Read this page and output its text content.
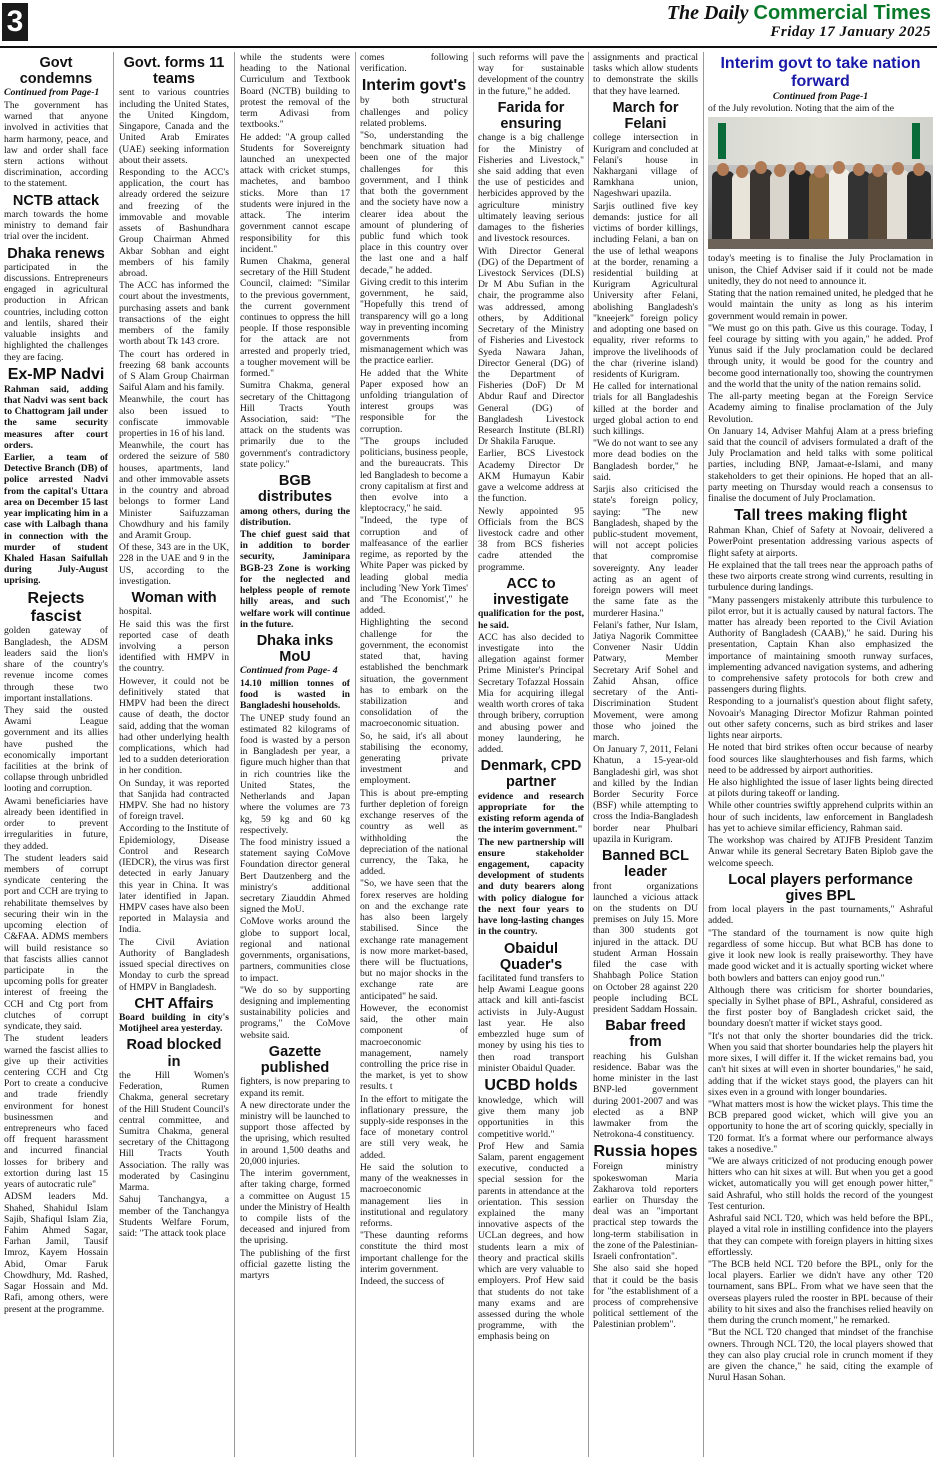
3	The Daily Commercial Times
Friday 17 January 2025
Govt condemns

Continued from Page-1

The government has warned that anyone involved in activities that harm harmony, peace, and law and order shall face stern actions without discrimination, according to the statement.

NCTB attack

march towards the home ministry to demand fair trial over the incident.

Dhaka renews

participated in the discussions. Entrepreneurs engaged in agricultural production in African countries, including cotton and lentils, shared their valuable insights and highlighted the challenges they are facing.

Ex-MP Nadvi

Rahman said, adding that Nadvi was sent back to Chattogram jail under the same security measures after court orders.

Earlier, a team of Detective Branch (DB) of police arrested Nadvi from the capital's Uttara area on December 15 last year implicating him in a case with Lalbagh thana in connection with the murder of student Khaled Hasan Saifullah during July-August uprising.

Rejects fascist

golden gateway of Bangladesh, the ADSM leaders said the lion's share of the country's revenue income comes through these two important installations.

They said the ousted Awami League government and its allies have pushed the economically important facilities at the brink of collapse through unbridled looting and corruption.

Awami beneficiaries have already been identified in order to prevent irregularities in future, they added.

The student leaders said members of corrupt syndicate centering the port and CCH are trying to rehabilitate themselves by securing their win in the upcoming election of C&FAA. ADMS members will build resistance so that fascists allies cannot participate in the upcoming polls for greater interest of freeing the CCH and Ctg port from clutches of corrupt syndicate, they said.

The student leaders warned the fascist allies to give up their activities centering CCH and Ctg Port to create a conducive and trade friendly environment for honest businessmen and entrepreneurs who faced off frequent harassment and incurred financial losses for bribery and extortion during last 15 years of autocratic rule"

ADSM leaders Md. Shahed, Shahidul Islam Sajib, Shafiqul Islam Zia, Fahim Ahmed Sagar, Farhan Jamil, Tausif Imroz, Kayem Hossain Abid, Omar Faruk Chowdhury, Md. Rashed, Sagar Hossain and Md. Rafi, among others, were present at the programme.

Govt. forms 11 teams

sent to various countries including the United States, the United Kingdom, Singapore, Canada and the United Arab Emirates (UAE) seeking information about their assets.

Responding to the ACC's application, the court has already ordered the seizure and freezing of the immovable and movable assets of Bashundhara Group Chairman Ahmed Akbar Sobhan and eight members of his family abroad.

The ACC has informed the court about the investments, purchasing assets and bank transactions of the eight members of the family worth about Tk 143 crore.

The court has ordered in freezing 68 bank accounts of S Alam Group Chairman Saiful Alam and his family.

Meanwhile, the court has also been issued to confiscate immovable properties in 16 of his land.

Meanwhile, the court has ordered the seizure of 580 houses, apartments, land and other immovable assets in the country and abroad belongs to former Land Minister Saifuzzaman Chowdhury and his family and Aramit Group.

Of these, 343 are in the UK, 228 in the UAE and 9 in the US, according to the investigation.

Woman with

hospital.

He said this was the first reported case of death involving a person identified with HMPV in the country.

However, it could not be definitively stated that HMPV had been the direct cause of death, the doctor said, adding that the woman had other underlying health complications, which had led to a sudden deterioration in her condition.

On Sunday, it was reported that Sanjida had contracted HMPV. She had no history of foreign travel.

According to the Institute of Epidemiology, Disease Control and Research (IEDCR), the virus was first detected in early January this year in China. It was later identified in Japan. HMPV cases have also been reported in Malaysia and India.

The Civil Aviation Authority of Bangladesh issued special directives on Monday to curb the spread of HMPV in Bangladesh.

CHT Affairs

Board building in city's Motijheel area yesterday.

Road blocked in

the Hill Women's Federation, Rumen Chakma, general secretary of the Hill Student Council's central committee, and Sumitra Chakma, general secretary of the Chittagong Hill Tracts Youth Association. The rally was moderated by Casinginu Marma.

Sahuj Tanchangya, a member of the Tanchangya Students Welfare Forum, said: "The attack took place

while the students were heading to the National Curriculum and Textbook Board (NCTB) building to protest the removal of the term Adivasi from textbooks."

He added: "A group called Students for Sovereignty launched an unexpected attack with cricket stumps, machetes, and bamboo sticks. More than 17 students were injured in the attack. The interim government cannot escape responsibility for this incident."

Rumen Chakma, general secretary of the Hill Student Council, claimed: "Similar to the previous government, the current government continues to oppress the hill people. If those responsible for the attack are not arrested and properly tried, a tougher movement will be formed."

Sumitra Chakma, general secretary of the Chittagong Hill Tracts Youth Association, said: "The attack on the students was primarily due to the government's contradictory state policy."

BGB distributes

among others, during the distribution.

The chief guest said that in addition to border security, Jaminipara BGB-23 Zone is working for the neglected and helpless people of remote hilly areas, and such welfare work will continue in the future.

Dhaka inks MoU

Continued from Page- 4

14.10 million tonnes of food is wasted in Bangladeshi households.

The UNEP study found an estimated 82 kilograms of food is wasted by a person in Bangladesh per year, a figure much higher than that in rich countries like the United States, the Netherlands and Japan where the volumes are 73 kg, 59 kg and 60 kg respectively.

The food ministry issued a statement saying CoMove Foundation director general Bert Dautzenberg and the ministry's additional secretary Ziauddin Ahmed signed the MoU.

CoMove works around the globe to support local, regional and national governments, organisations, partners, communities close to impact.

"We do so by supporting designing and implementing sustainability policies and programs," the CoMove website said.

Gazette published

fighters, is now preparing to expand its remit.

A new directorate under the ministry will be launched to support those affected by the uprising, which resulted in around 1,500 deaths and 20,000 injuries.

The interim government, after taking charge, formed a committee on August 15 under the Ministry of Health to compile lists of the deceased and injured from the uprising.

The publishing of the first official gazette listing the martyrs

comes following verification.

Interim govt's

by both structural challenges and policy related problems.

"So, understanding the benchmark situation had been one of the major challenges for this government, and I think that both the government and the society have now a clearer idea about the amount of plundering of public fund which took place in this country over the last one and a half decade," he added.

Giving credit to this interim government, he said, "Hopefully this trend of transparency will go a long way in preventing incoming governments from mismanagement which was the practice earlier.

He added that the White Paper exposed how an unfolding triangulation of interest groups was responsible for the corruption.

"The groups included politicians, business people, and the bureaucrats. This led Bangladesh to become a crony capitalism at first and then evolve into a kleptocracy," he said.

"Indeed, the type of corruption and of malfeasance of the earlier regime, as reported by the White Paper was picked by leading global media including 'New York Times' and 'The Economist'," he added.

Highlighting the second challenge for the government, the economist stated that, having established the benchmark situation, the government has to embark on the stabilization and consolidation of the macroeconomic situation.

So, he said, it's all about stabilising the economy, generating private investment and employment.

This is about pre-empting further depletion of foreign exchange reserves of the country as well as withholding the depreciation of the national currency, the Taka, he added.

"So, we have seen that the forex reserves are holding on and the exchange rate has also been largely stabilised. Since the exchange rate management is now more market-based, there will be fluctuations, but no major shocks in the exchange rate are anticipated" he said.

However, the economist said, the other main component of macroeconomic management, namely controlling the price rise in the market, is yet to show results. t

In the effort to mitigate the inflationary pressure, the supply-side responses in the face of monetary control are still very weak, he added.

He said the solution to many of the weaknesses in macroeconomic management lies in institutional and regulatory reforms.

"These daunting reforms constitute the third most important challenge for the interim government.

Indeed, the success of

such reforms will pave the way for sustainable development of the country in the future," he added.

Farida for ensuring

change is a big challenge for the Ministry of Fisheries and Livestock," she said adding that even the use of pesticides and herbicides approved by the agriculture ministry ultimately leaving serious damages to the fisheries and livestock resources.

With Director General (DG) of the Department of Livestock Services (DLS) Dr M Abu Sufian in the chair, the programme also was addressed, among others, by Additional Secretary of the Ministry of Fisheries and Livestock Syeda Nawara Jahan, Director General (DG) of the Department of Fisheries (DoF) Dr M Abdur Rauf and Director General (DG) of Bangladesh Livestock Research Institute (BLRI) Dr Shakila Faruque.

Earlier, BCS Livestock Academy Director Dr AKM Humayun Kabir gave a welcome address at the function.

Newly appointed 95 Officials from the BCS livestock cadre and other 38 from BCS fisheries cadre attended the programme.

ACC to investigate

qualification for the post, he said.

ACC has also decided to investigate into the allegation against former Prime Minister's Principal Secretary Tofazzal Hossain Mia for acquiring illegal wealth worth crores of taka through bribery, corruption and abusing power and money laundering, he added.

Denmark, CPD partner

evidence and research appropriate for the existing reform agenda of the interim government."

The new partnership will ensure stakeholder engagement, capacity development of students and duty bearers along with policy dialogue for the next four years to have long-lasting changes in the country.

Obaidul Quader's

facilitated fund transfers to help Awami League goons attack and kill anti-fascist activists in July-August last year. He also embezzled huge sum of money by using his ties to then road transport minister Obaidul Quader.

UCBD holds

knowledge, which will give them many job opportunities in this competitive world."

Prof Hew and Samia Salam, parent engagement executive, conducted a special session for the parents in attendance at the orientation. This session explained the many innovative aspects of the UCLan degrees, and how students learn a mix of theory and practical skills which are very valuable to employers. Prof Hew said that students do not take many exams and are assessed during the whole programme, with the emphasis being on

assignments and practical tasks which allow students to demonstrate the skills that they have learned.

March for Felani

college intersection in Kurigram and concluded at Felani's house in Nakhargani village of Ramkhana union, Nageshwari upazila.

Sarjis outlined five key demands: justice for all victims of border killings, including Felani, a ban on the use of lethal weapons at the border, renaming a residential building at Kurigram Agricultural University after Felani, abolishing Bangladesh's "kneejerk" foreign policy and adopting one based on equality, river reforms to improve the livelihoods of the char (riverine island) residents of Kurigram.

He called for international trials for all Bangladeshis killed at the border and urged global action to end such killings.

"We do not want to see any more dead bodies on the Bangladesh border," he said.

Sarjis also criticised the state's foreign policy, saying: "The new Bangladesh, shaped by the public-student movement, will not accept policies that compromise sovereignty. Any leader acting as an agent of foreign powers will meet the same fate as the murderer Hasina."

Felani's father, Nur Islam, Jatiya Nagorik Committee Convener Nasir Uddin Patwary, Member Secretary Arif Sohel and Zahid Ahsan, office secretary of the Anti-Discrimination Student Movement, were among those who joined the march.

On January 7, 2011, Felani Khatun, a 15-year-old Bangladeshi girl, was shot and killed by the Indian Border Security Force (BSF) while attempting to cross the India-Bangladesh border near Phulbari upazila in Kurigram.

Banned BCL leader

front organizations launched a vicious attack on the students on DU premises on July 15. More than 300 students got injured in the attack. DU student Arman Hossain filed the case with Shahbagh Police Station on October 28 against 220 people including BCL president Saddam Hossain.

Babar freed from

reaching his Gulshan residence. Babar was the home minister in the last BNP-led government during 2001-2007 and was elected as a BNP lawmaker from the Netrokona-4 constituency.

Russia hopes

Foreign ministry spokeswoman Maria Zakharova told reporters earlier on Thursday the deal was an "important practical step towards the long-term stabilisation in the zone of the Palestinian-Israeli confrontation".

She also said she hoped that it could be the basis for "the establishment of a process of comprehensive political settlement of the Palestinian problem".

Interim govt to take nation forward

Continued from Page-1

of the July revolution. Noting that the aim of the

today's meeting is to finalise the July Proclamation in unison, the Chief Adviser said if it could not be made unitedly, they do not need to announce it.

Stating that the nation remained united, he pledged that he would maintain the unity as long as his interim government would remain in power.

"We must go on this path. Give us this courage. Today, I feel courage by sitting with you again," he added. Prof Yunus said if the July proclamation could be declared through unity, it would be good for the country and become good internationally too, showing the countrymen and the world that the unity of the nation remains solid.

The all-party meeting began at the Foreign Service Academy aiming to finalise proclamation of the July Revolution.

On January 14, Adviser Mahfuj Alam at a press briefing said that the council of advisers formulated a draft of the July Proclamation and held talks with some political parties, including BNP, Jamaat-e-Islami, and many stakeholders to get their opinions. He hoped that an all-party meeting on Thursday would reach a consensus to finalise the document of July Proclamation.

Tall trees making flight

Rahman Khan, Chief of Safety at Novoair, delivered a PowerPoint presentation addressing various aspects of flight safety at airports.

He explained that the tall trees near the approach paths of these two airports create strong wind currents, resulting in turbulence during landings.

"Many passengers mistakenly attribute this turbulence to pilot error, but it is actually caused by natural factors. The matter has already been reported to the Civil Aviation Authority of Bangladesh (CAAB)," he said. During his presentation, Captain Khan also emphasized the importance of maintaining smooth runway surfaces, implementing advanced navigation systems, and adhering to comprehensive safety protocols for both crew and passengers during flights.

Responding to a journalist's question about flight safety, Novoair's Managing Director Mofizur Rahman pointed out other safety concerns, such as bird strikes and laser lights near airports.

He noted that bird strikes often occur because of nearby food sources like slaughterhouses and fish farms, which need to be addressed by airport authorities.

He also highlighted the issue of laser lights being directed at pilots during takeoff or landing.

While other countries swiftly apprehend culprits within an hour of such incidents, law enforcement in Bangladesh has yet to achieve similar efficiency, Rahman said.

The workshop was chaired by ATJFB President Tanzim Anwar while its general Secretary Baten Biplob gave the welcome speech.

Local players performance gives BPL

from local players in the past tournaments," Ashraful added.

"The standard of the tournament is now quite high regardless of some hiccup. But what BCB has done to give it look new look is really praiseworthy. They have made good wicket and it is actually sporting wicket where both bowlers and batters can enjoy good run."

Although there was criticism for shorter boundaries, specially in Sylhet phase of BPL, Ashraful, considered as the first poster boy of Bangladesh cricket said, the boundary doesn't matter if wicket stays good.

"It's not that only the shorter boundaries did the trick. When you said that shorter boundaries help the players hit more sixes, I will differ it. If the wicket remains bad, you can't hit sixes at will even in shorter boundaries," he said, adding that if the wicket stays good, the players can hit sixes even in a ground with longer boundaries.

"What matters most is how the wicket plays. This time the BCB prepared good wicket, which will give you an opportunity to hone the art of scoring quickly, specially in T20 format. It's a format where our performance always takes a nosedive."

"We are always criticized of not producing enough power hitters who can hit sixes at will. But when you get a good wicket, automatically you will get enough power hitter," said Ashraful, who still holds the record of the youngest Test centurion.

Ashraful said NCL T20, which was held before the BPL, played a vital role in instilling confidence into the players that they can compete with foreign players in hitting sixes effortlessly.

"The BCB held NCL T20 before the BPL, only for the local players. Earlier we didn't have any other T20 tournament, sans BPL. From what we have seen that the overseas players ruled the rooster in BPL because of their ability to hit sixes and also the franchises relied heavily on them during the crunch moment," he remarked.

"But the NCL T20 changed that mindset of the franchise owners. Through NCL T20, the local players showed that they can also play crucial role in crunch moment if they are given the chance," he said, citing the example of Nurul Hasan Sohan.
